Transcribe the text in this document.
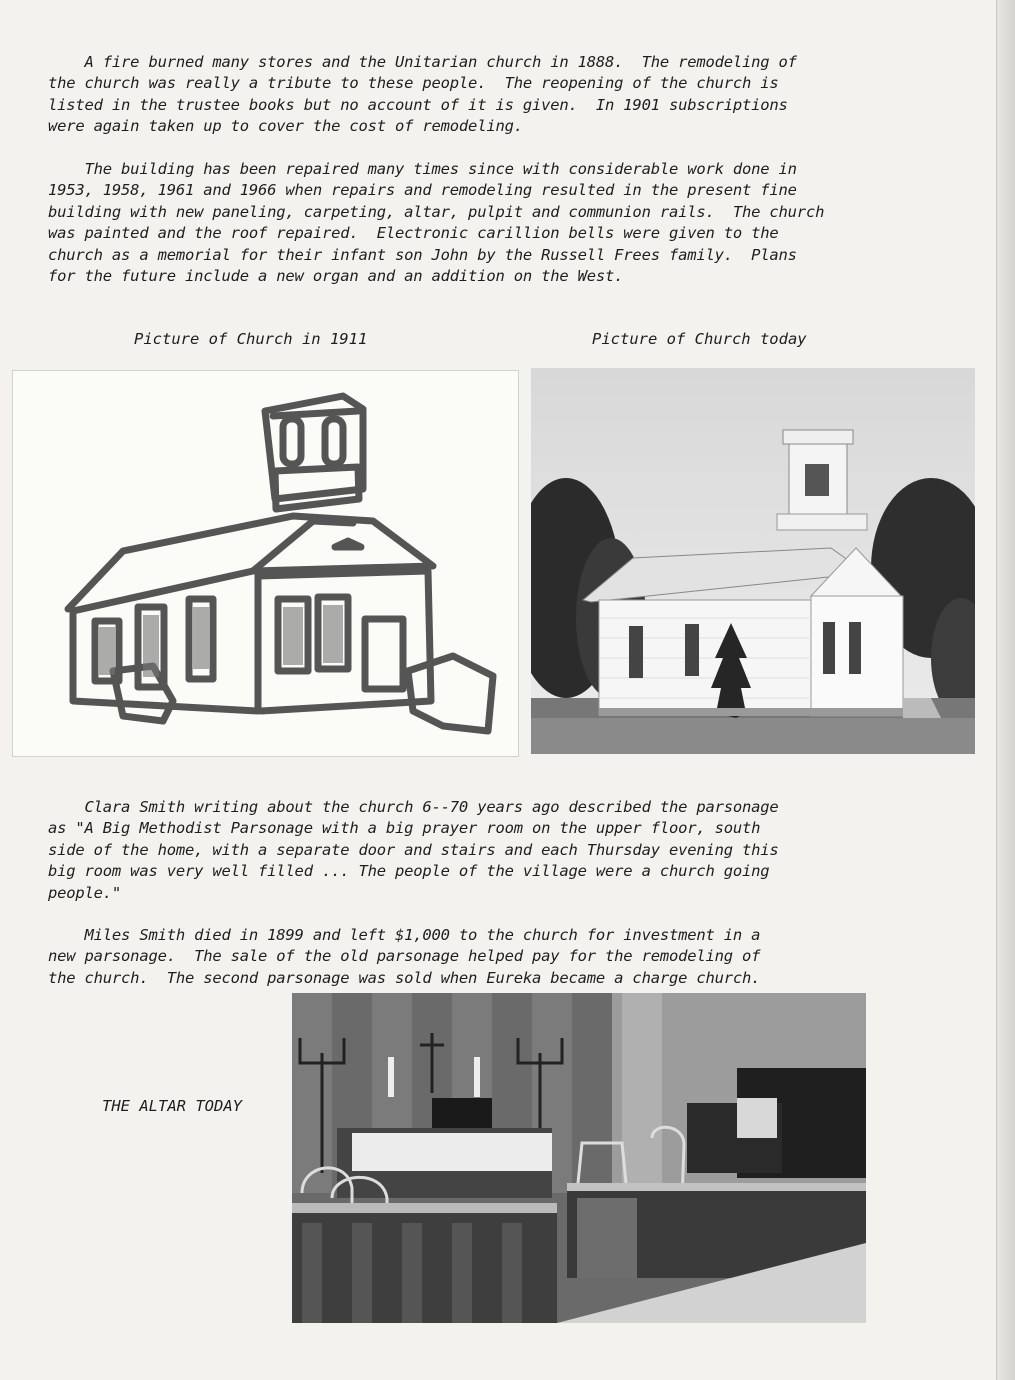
A fire burned many stores and the Unitarian church in 1888.  The remodeling of
the church was really a tribute to these people.  The reopening of the church is
listed in the trustee books but no account of it is given.  In 1901 subscriptions
were again taken up to cover the cost of remodeling.

The building has been repaired many times since with considerable work done in
1953, 1958, 1961 and 1966 when repairs and remodeling resulted in the present fine
building with new paneling, carpeting, altar, pulpit and communion rails.  The church
was painted and the roof repaired.  Electronic carillion bells were given to the
church as a memorial for their infant son John by the Russell Frees family.  Plans
for the future include a new organ and an addition on the West.

Picture of Church in 1911	Picture of Church today

Clara Smith writing about the church 6--70 years ago described the parsonage
as "A Big Methodist Parsonage with a big prayer room on the upper floor, south
side of the home, with a separate door and stairs and each Thursday evening this
big room was very well filled ... The people of the village were a church going
people."

Miles Smith died in 1899 and left $1,000 to the church for investment in a
new parsonage.  The sale of the old parsonage helped pay for the remodeling of
the church.  The second parsonage was sold when Eureka became a charge church.

THE ALTAR TODAY
